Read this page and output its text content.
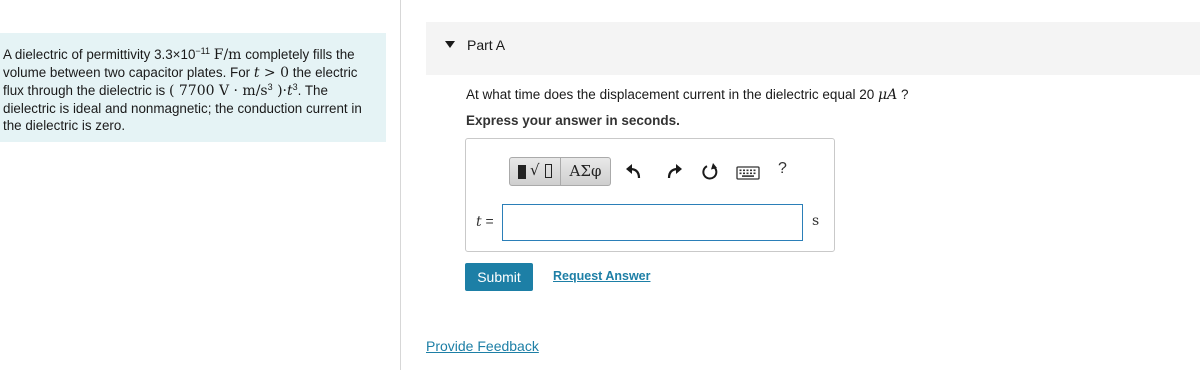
A dielectric of permittivity $3.3\times 10^{-11}$ F/m completely fills the volume between two capacitor plates. For t > 0 the electric flux through the dielectric is ( 7700 $V \cdot m/s^3$ )$\cdot t^3$. The dielectric is ideal and nonmagnetic; the conduction current in the dielectric is zero.

Part A
At what time does the displacement current in the dielectric equal 20 μA ?
Express your answer in seconds.
√	ΑΣφ	?
t =	s
Submit	Request Answer
Provide Feedback
